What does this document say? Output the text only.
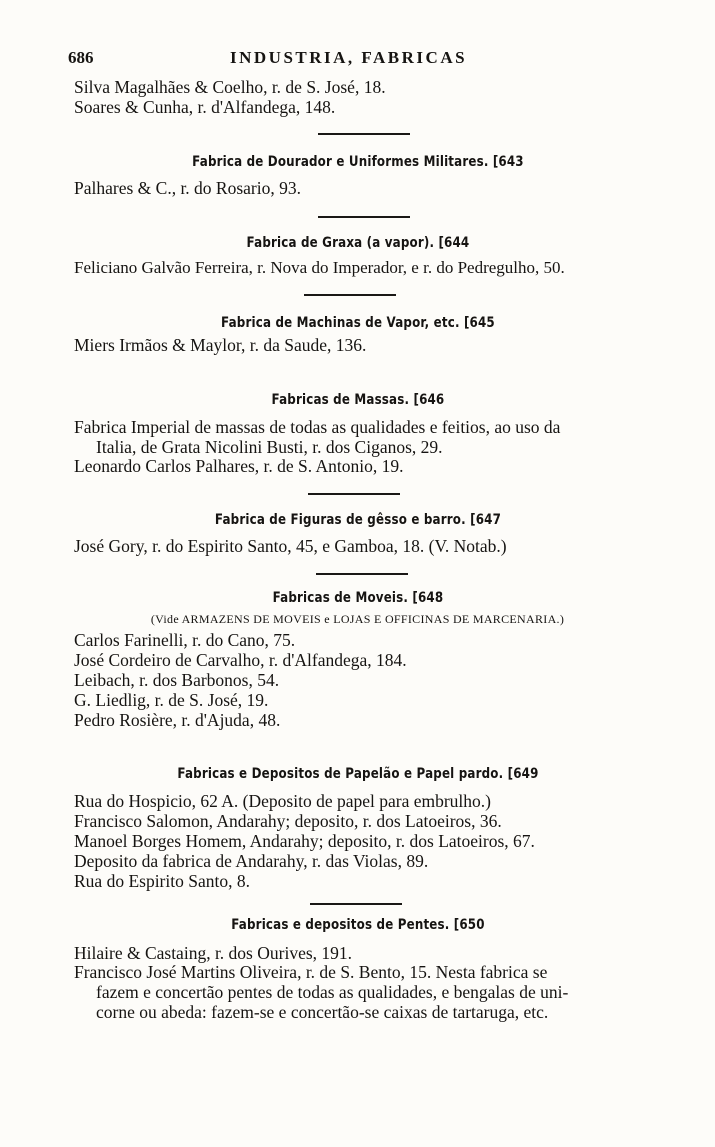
686	INDUSTRIA, FABRICAS
Silva Magalhães & Coelho, r. de S. José, 18.
Soares & Cunha, r. d'Alfandega, 148.
Fabrica de Dourador e Uniformes Militares. [643
Palhares & C., r. do Rosario, 93.
Fabrica de Graxa (a vapor). [644
Feliciano Galvão Ferreira, r. Nova do Imperador, e r. do Pedregulho, 50.
Fabrica de Machinas de Vapor, etc. [645
Miers Irmãos & Maylor, r. da Saude, 136.
Fabricas de Massas. [646
Fabrica Imperial de massas de todas as qualidades e feitios, ao uso da
Italia, de Grata Nicolini Busti, r. dos Ciganos, 29.
Leonardo Carlos Palhares, r. de S. Antonio, 19.
Fabrica de Figuras de gêsso e barro. [647
José Gory, r. do Espirito Santo, 45, e Gamboa, 18. (V. Notab.)
Fabricas de Moveis. [648
(Vide ARMAZENS DE MOVEIS e LOJAS E OFFICINAS DE MARCENARIA.)
Carlos Farinelli, r. do Cano, 75.
José Cordeiro de Carvalho, r. d'Alfandega, 184.
Leibach, r. dos Barbonos, 54.
G. Liedlig, r. de S. José, 19.
Pedro Rosière, r. d'Ajuda, 48.
Fabricas e Depositos de Papelão e Papel pardo. [649
Rua do Hospicio, 62 A. (Deposito de papel para embrulho.)
Francisco Salomon, Andarahy; deposito, r. dos Latoeiros, 36.
Manoel Borges Homem, Andarahy; deposito, r. dos Latoeiros, 67.
Deposito da fabrica de Andarahy, r. das Violas, 89.
Rua do Espirito Santo, 8.
Fabricas e depositos de Pentes. [650
Hilaire & Castaing, r. dos Ourives, 191.
Francisco José Martins Oliveira, r. de S. Bento, 15. Nesta fabrica se
fazem e concertão pentes de todas as qualidades, e bengalas de uni-
corne ou abeda: fazem-se e concertão-se caixas de tartaruga, etc.
